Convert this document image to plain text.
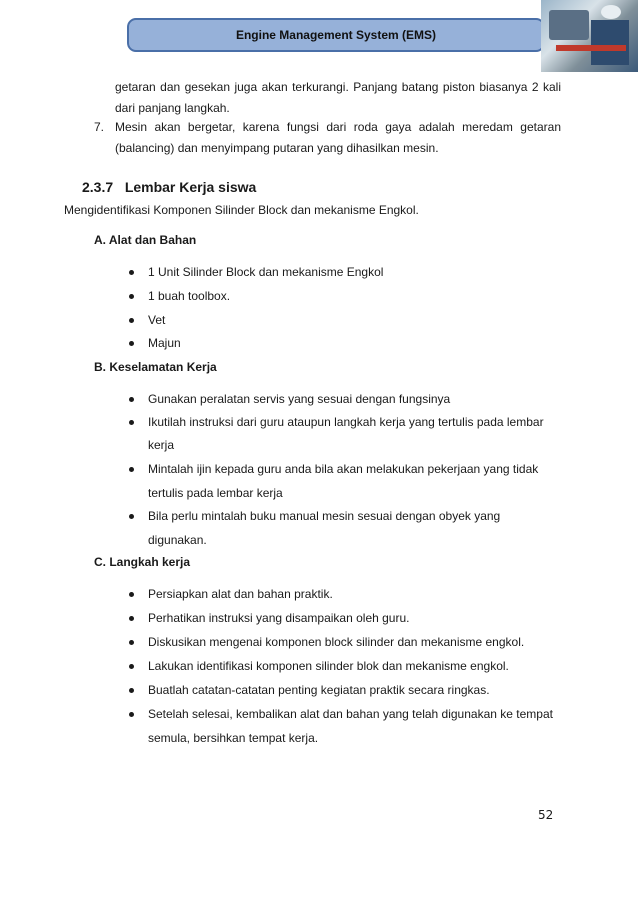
Engine Management System (EMS)
getaran dan gesekan juga akan terkurangi. Panjang batang piston biasanya 2 kali
dari panjang langkah.
7. Mesin akan bergetar, karena fungsi dari roda gaya adalah meredam getaran
(balancing) dan menyimpang putaran yang dihasilkan mesin.
2.3.7 Lembar Kerja siswa
Mengidentifikasi Komponen Silinder Block dan mekanisme Engkol.
A. Alat dan Bahan
1 Unit Silinder Block dan mekanisme Engkol
1 buah toolbox.
Vet
Majun
B. Keselamatan Kerja
Gunakan peralatan servis yang sesuai dengan fungsinya
Ikutilah instruksi dari guru ataupun langkah kerja yang tertulis pada lembar
kerja
Mintalah ijin kepada guru anda bila akan melakukan pekerjaan yang tidak
tertulis pada lembar kerja
Bila perlu mintalah buku manual mesin sesuai dengan obyek yang
digunakan.
C. Langkah kerja
Persiapkan alat dan bahan praktik.
Perhatikan instruksi yang disampaikan oleh guru.
Diskusikan mengenai komponen block silinder dan mekanisme engkol.
Lakukan identifikasi komponen silinder blok dan mekanisme engkol.
Buatlah catatan-catatan penting kegiatan praktik secara ringkas.
Setelah selesai, kembalikan alat dan bahan yang telah digunakan ke tempat
semula, bersihkan tempat kerja.
52
